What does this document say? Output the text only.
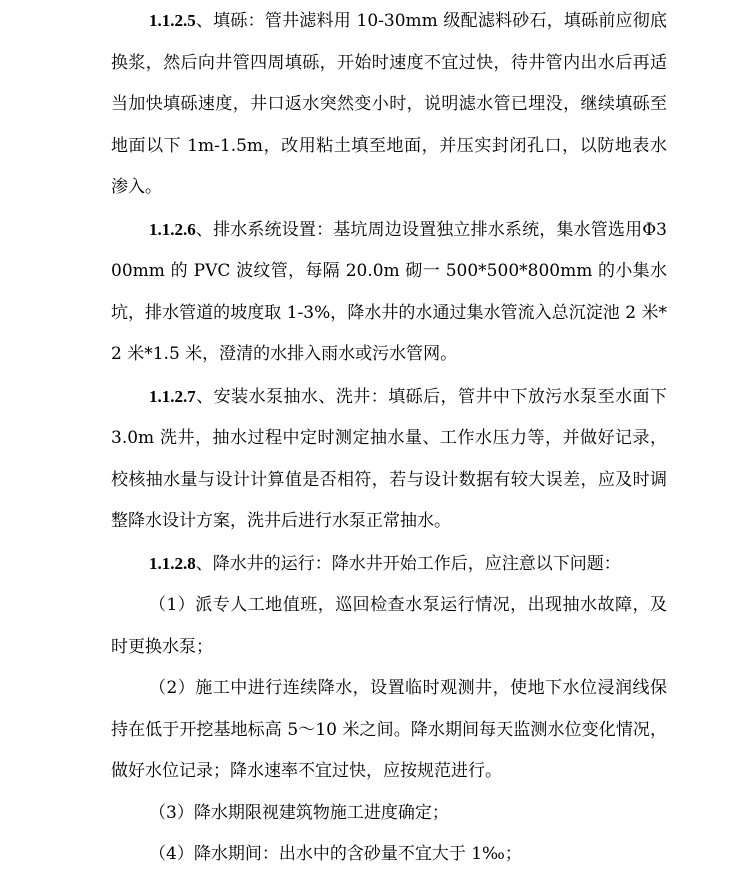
1.1.2.5、填砾：管井滤料用 10-30mm 级配滤料砂石，填砾前应彻底换浆，然后向井管四周填砾，开始时速度不宜过快，待井管内出水后再适当加快填砾速度，井口返水突然变小时，说明滤水管已埋没，继续填砾至地面以下 1m-1.5m，改用粘土填至地面，并压实封闭孔口，以防地表水渗入。

1.1.2.6、排水系统设置：基坑周边设置独立排水系统，集水管选用Φ300mm 的 PVC 波纹管，每隔 20.0m 砌一 500*500*800mm 的小集水坑，排水管道的坡度取 1-3%，降水井的水通过集水管流入总沉淀池 2 米*2 米*1.5 米，澄清的水排入雨水或污水管网。

1.1.2.7、安装水泵抽水、洗井：填砾后，管井中下放污水泵至水面下 3.0m 洗井，抽水过程中定时测定抽水量、工作水压力等，并做好记录，校核抽水量与设计计算值是否相符，若与设计数据有较大误差，应及时调整降水设计方案，洗井后进行水泵正常抽水。

1.1.2.8、降水井的运行：降水井开始工作后，应注意以下问题：

（1）派专人工地值班，巡回检查水泵运行情况，出现抽水故障，及时更换水泵；

（2）施工中进行连续降水，设置临时观测井，使地下水位浸润线保持在低于开挖基地标高 5～10 米之间。降水期间每天监测水位变化情况，做好水位记录；降水速率不宜过快，应按规范进行。

（3）降水期限视建筑物施工进度确定；

（4）降水期间：出水中的含砂量不宜大于 1‰；
